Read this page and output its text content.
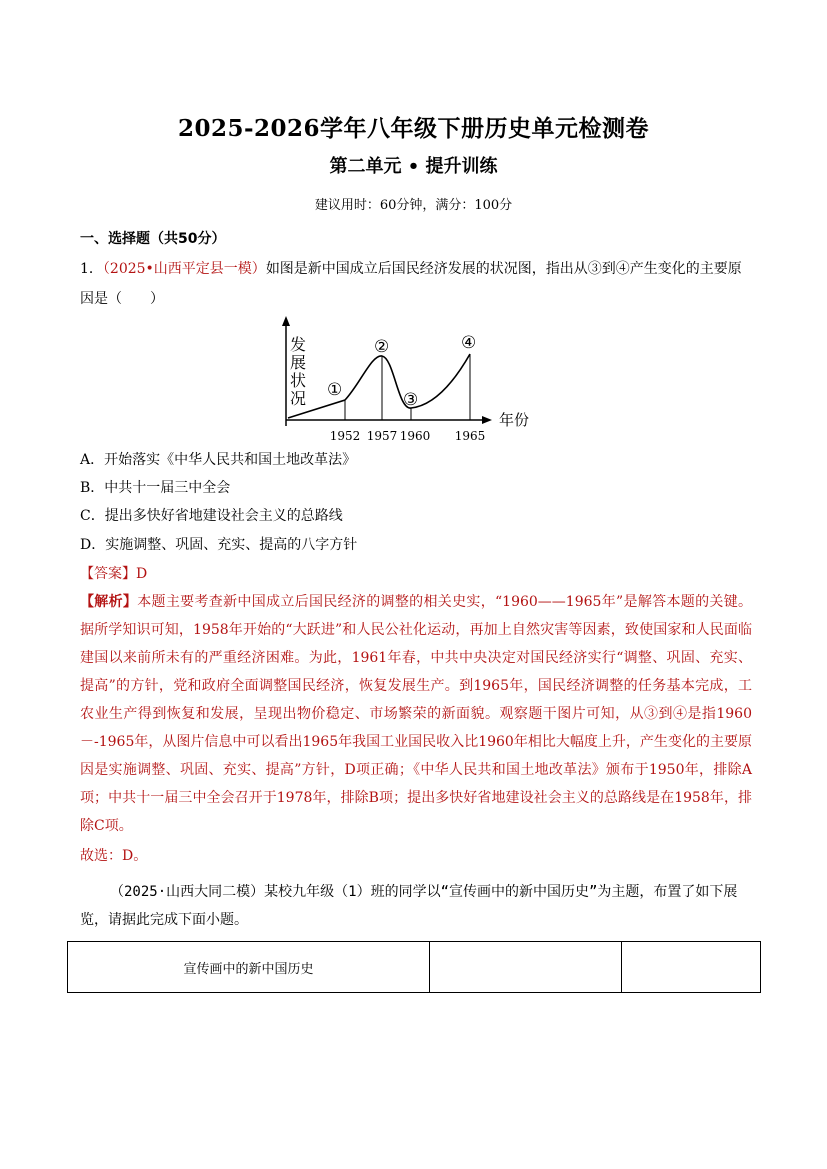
2025-2026学年八年级下册历史单元检测卷
第二单元 • 提升训练
建议用时：60分钟，满分：100分
一、选择题（共50分）
1．（2025•山西平定县一模）如图是新中国成立后国民经济发展的状况图，指出从③到④产生变化的主要原
因是（　　）
发
展
状
况
年份
①
②
③
④
1952 1957 1960 1965
A．开始落实《中华人民共和国土地改革法》
B．中共十一届三中全会
C．提出多快好省地建设社会主义的总路线
D．实施调整、巩固、充实、提高的八字方针
【答案】D
【解析】本题主要考查新中国成立后国民经济的调整的相关史实，“1960——1965年”是解答本题的关键。据所学知识可知，1958年开始的“大跃进”和人民公社化运动，再加上自然灾害等因素，致使国家和人民面临建国以来前所未有的严重经济困难。为此，1961年春，中共中央决定对国民经济实行“调整、巩固、充实、提高”的方针，党和政府全面调整国民经济，恢复发展生产。到1965年，国民经济调整的任务基本完成，工农业生产得到恢复和发展，呈现出物价稳定、市场繁荣的新面貌。观察题干图片可知，从③到④是指1960－-1965年，从图片信息中可以看出1965年我国工业国民收入比1960年相比大幅度上升，产生变化的主要原因是实施调整、巩固、充实、提高”方针，D项正确；《中华人民共和国土地改革法》颁布于1950年，排除A项；中共十一届三中全会召开于1978年，排除B项；提出多快好省地建设社会主义的总路线是在1958年，排除C项。
故选：D。
（2025·山西大同二模）某校九年级（1）班的同学以“宣传画中的新中国历史”为主题，布置了如下展览，请据此完成下面小题。
宣传画中的新中国历史		
